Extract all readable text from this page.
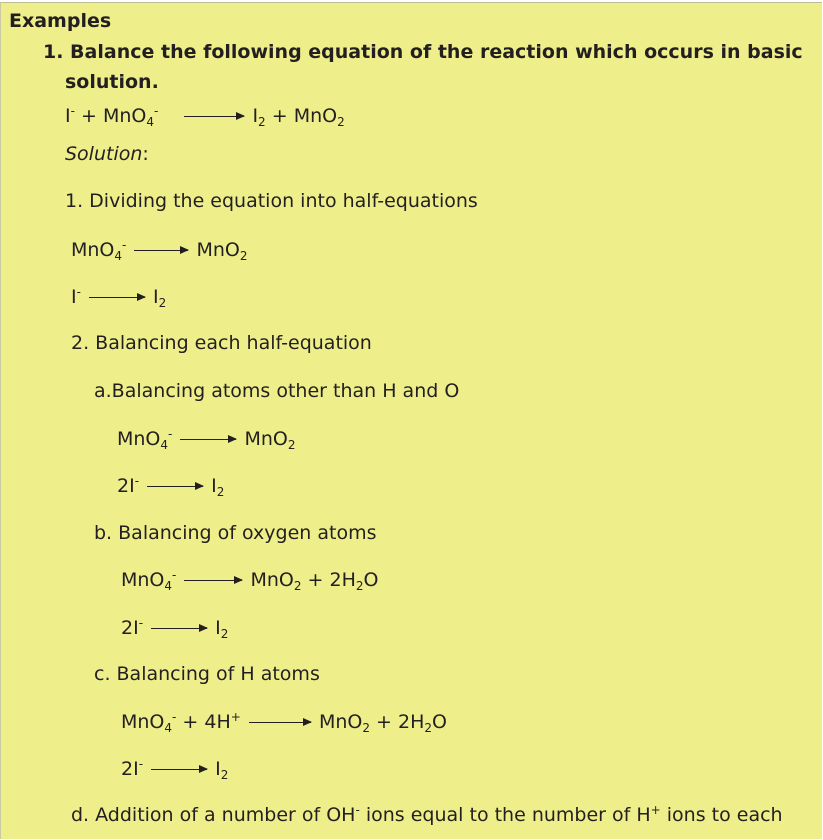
Examples
1. Balance the following equation of the reaction which occurs in basic
solution.
$I^- + MnO_4^- \to I_2 + MnO_2$
Solution:
1. Dividing the equation into half-equations
MnO$_4$- → MnO$_2$
$I^- \to I_2$
2. Balancing each half-equation
a.Balancing atoms other than H and O
MnO$_4$- → MnO$_2$
$2I^- \to I_2$
b. Balancing of oxygen atoms
$MnO_4^- \to MnO_2 + 2H_2O$
$2I^- \to I_2$
c. Balancing of H atoms
$MnO_4^- + 4H^+ \to MnO_2 + 2H_2O$
$2I^- \to I_2$
d. Addition of a number of OH- ions equal to the number of H+ ions to each
